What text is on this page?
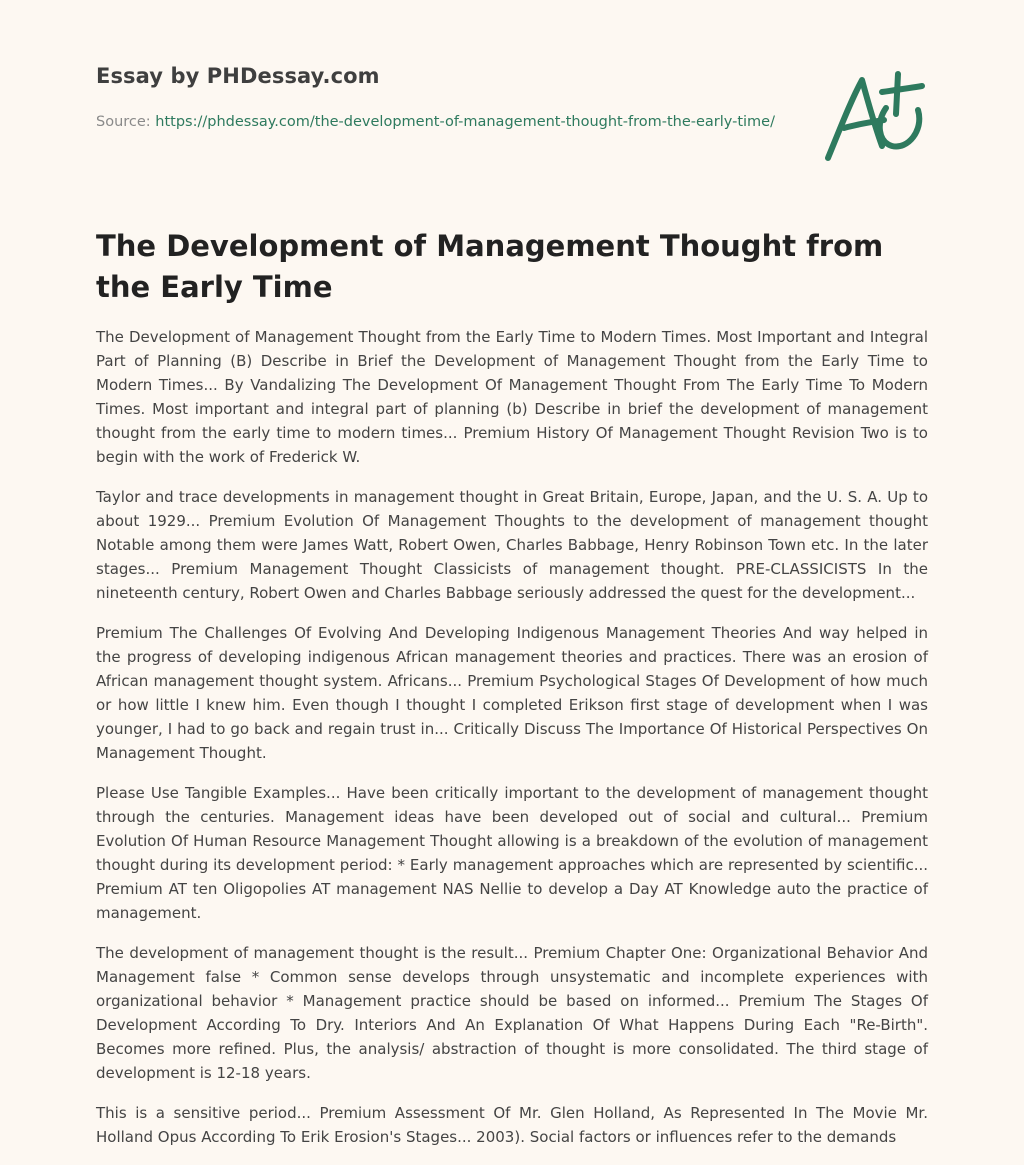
Essay by PHDessay.com
Source: https://phdessay.com/the-development-of-management-thought-from-the-early-time/
The Development of Management Thought from the Early Time

The Development of Management Thought from the Early Time to Modern Times. Most Important and Integral Part of Planning (B) Describe in Brief the Development of Management Thought from the Early Time to Modern Times... By Vandalizing The Development Of Management Thought From The Early Time To Modern Times. Most important and integral part of planning (b) Describe in brief the development of management thought from the early time to modern times... Premium History Of Management Thought Revision Two is to begin with the work of Frederick W.

Taylor and trace developments in management thought in Great Britain, Europe, Japan, and the U. S. A. Up to about 1929... Premium Evolution Of Management Thoughts to the development of management thought Notable among them were James Watt, Robert Owen, Charles Babbage, Henry Robinson Town etc. In the later stages... Premium Management Thought Classicists of management thought. PRE-CLASSICISTS In the nineteenth century, Robert Owen and Charles Babbage seriously addressed the quest for the development...

Premium The Challenges Of Evolving And Developing Indigenous Management Theories And way helped in the progress of developing indigenous African management theories and practices. There was an erosion of African management thought system. Africans... Premium Psychological Stages Of Development of how much or how little I knew him. Even though I thought I completed Erikson first stage of development when I was younger, I had to go back and regain trust in... Critically Discuss The Importance Of Historical Perspectives On Management Thought.

Please Use Tangible Examples... Have been critically important to the development of management thought through the centuries. Management ideas have been developed out of social and cultural... Premium Evolution Of Human Resource Management Thought allowing is a breakdown of the evolution of management thought during its development period: * Early management approaches which are represented by scientific... Premium AT ten Oligopolies AT management NAS Nellie to develop a Day AT Knowledge auto the practice of management.

The development of management thought is the result... Premium Chapter One: Organizational Behavior And Management false * Common sense develops through unsystematic and incomplete experiences with organizational behavior * Management practice should be based on informed... Premium The Stages Of Development According To Dry. Interiors And An Explanation Of What Happens During Each "Re-Birth". Becomes more refined. Plus, the analysis/ abstraction of thought is more consolidated. The third stage of development is 12-18 years.

This is a sensitive period... Premium Assessment Of Mr. Glen Holland, As Represented In The Movie Mr. Holland Opus According To Erik Erosion's Stages... 2003). Social factors or influences refer to the demands
